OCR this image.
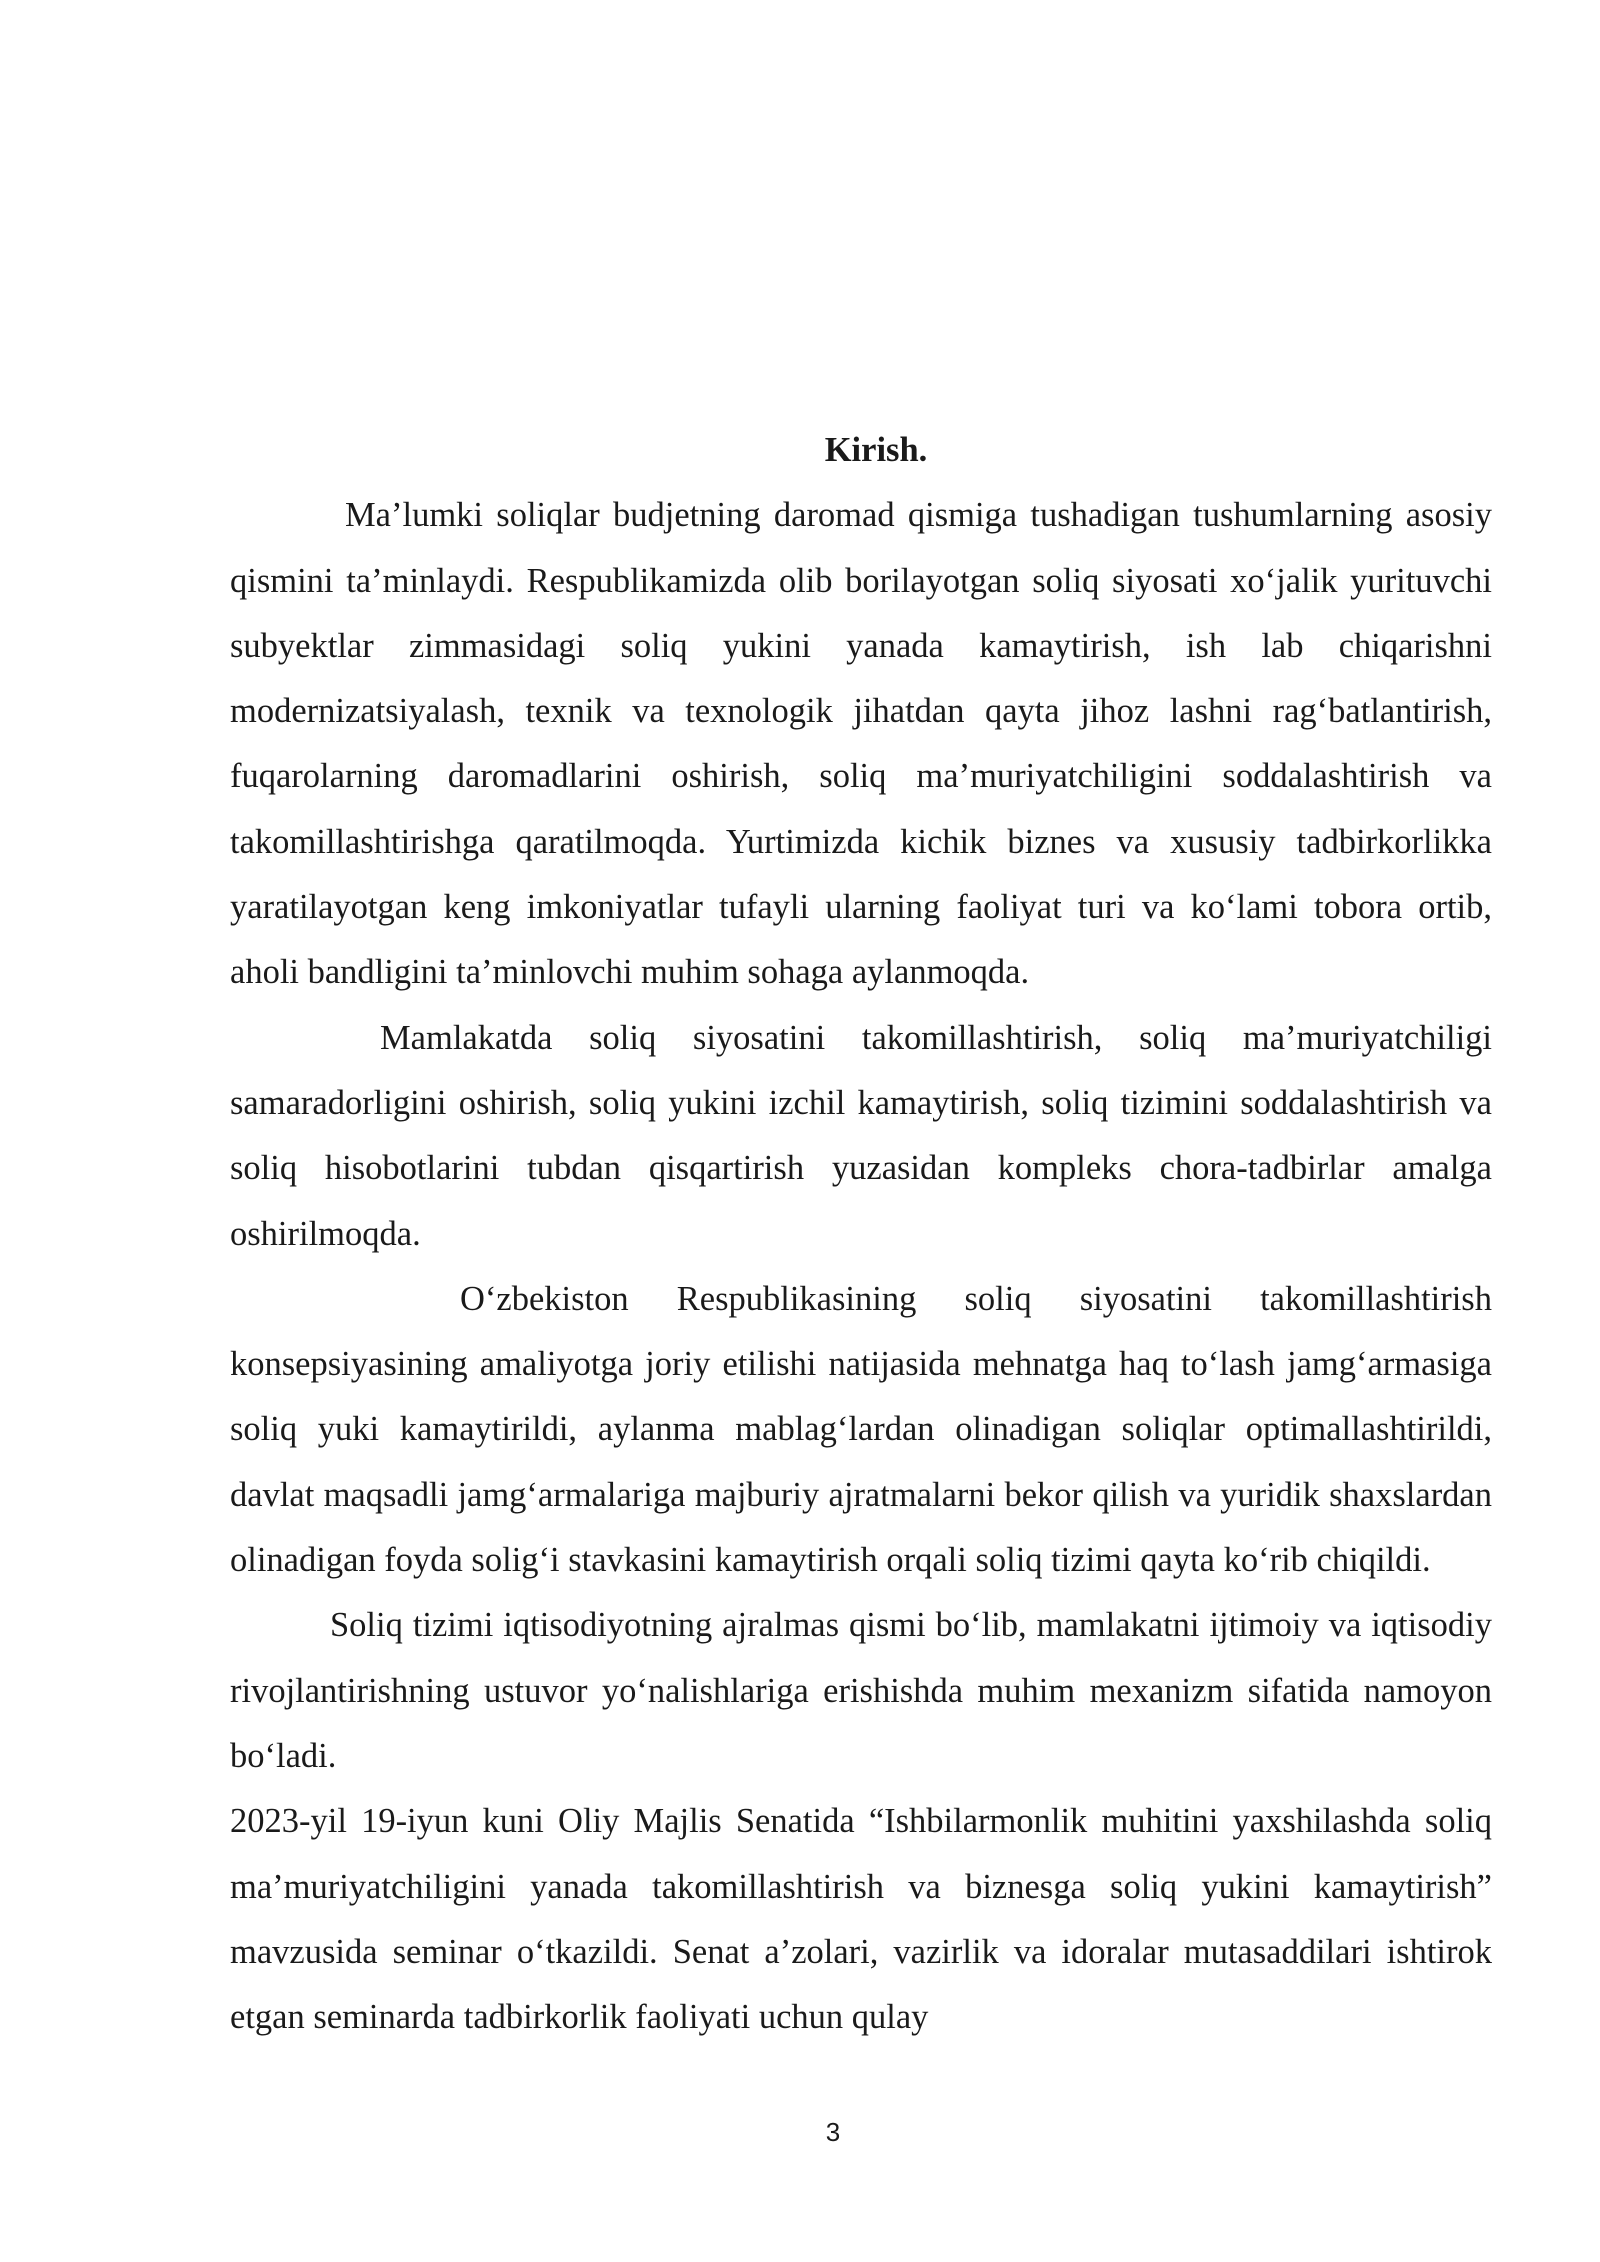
Kirish.

Ma’lumki soliqlar budjetning daromad qismiga tushadigan tushumlarning asosiy qismini ta’minlaydi. Respublikamizda olib borilayotgan soliq siyosati xo‘jalik yurituvchi subyektlar zimmasidagi soliq yukini yanada kamaytirish, ish lab chiqarishni modernizatsiyalash, texnik va texnologik jihatdan qayta jihoz lashni rag‘batlantirish, fuqarolarning daromadlarini oshirish, soliq ma’muriyatchiligini soddalashtirish va takomillashtirishga qaratilmoqda. Yurtimizda kichik biznes va xususiy tadbirkorlikka yaratilayotgan keng imkoniyatlar tufayli ularning faoliyat turi va ko‘lami tobora ortib, aholi bandligini ta’minlovchi muhim sohaga aylanmoqda.

Mamlakatda soliq siyosatini takomillashtirish, soliq ma’muriyatchiligi samaradorligini oshirish, soliq yukini izchil kamaytirish, soliq tizimini soddalashtirish va soliq hisobotlarini tubdan qisqartirish yuzasidan kompleks chora-tadbirlar amalga oshirilmoqda.

O‘zbekiston Respublikasining soliq siyosatini takomillashtirish konsepsiyasining amaliyotga joriy etilishi natijasida mehnatga haq to‘lash jamg‘armasiga soliq yuki kamaytirildi, aylanma mablag‘lardan olinadigan soliqlar optimallashtirildi, davlat maqsadli jamg‘armalariga majburiy ajratmalarni bekor qilish va yuridik shaxslardan olinadigan foyda solig‘i stavkasini kamaytirish orqali soliq tizimi qayta ko‘rib chiqildi.

Soliq tizimi iqtisodiyotning ajralmas qismi bo‘lib, mamlakatni ijtimoiy va iqtisodiy rivojlantirishning ustuvor yo‘nalishlariga erishishda muhim mexanizm sifatida namoyon bo‘ladi.

2023-yil 19-iyun kuni Oliy Majlis Senatida “Ishbilarmonlik muhitini yaxshilashda soliq ma’muriyatchiligini yanada takomillashtirish va biznesga soliq yukini kamaytirish” mavzusida seminar o‘tkazildi. Senat a’zolari, vazirlik va idoralar mutasaddilari ishtirok etgan seminarda tadbirkorlik faoliyati uchun qulay

3
